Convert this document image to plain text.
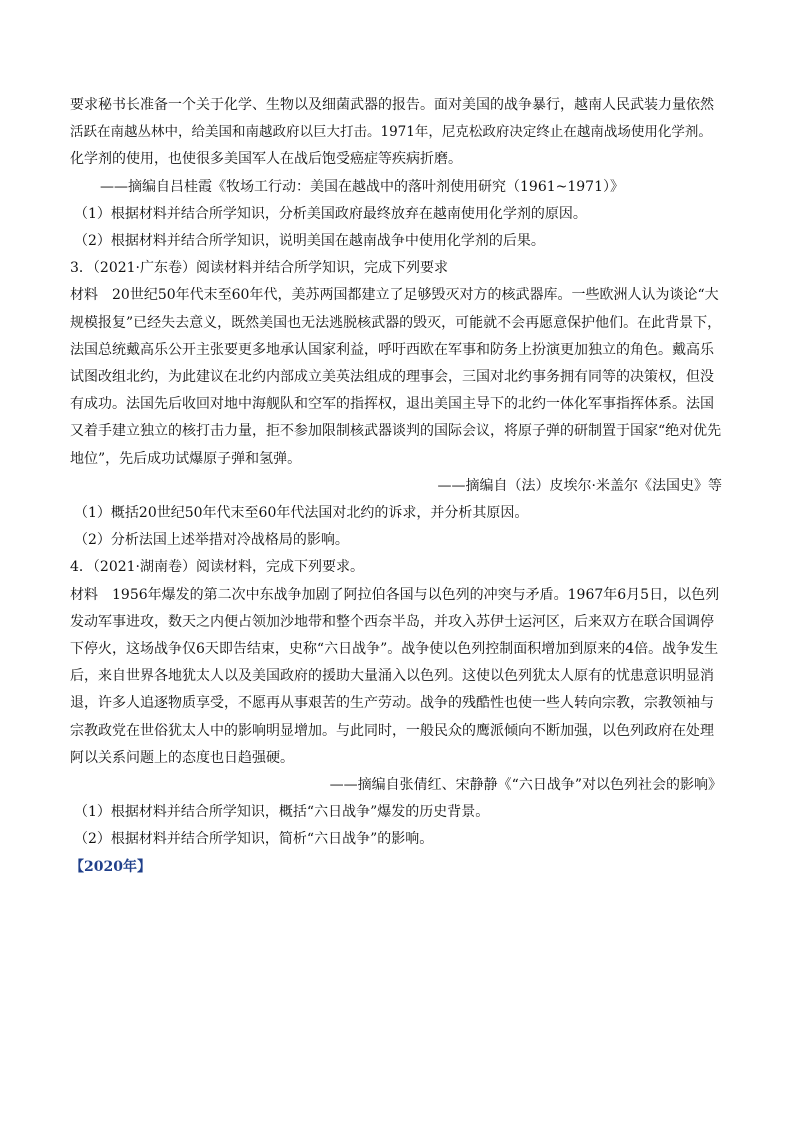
要求秘书长准备一个关于化学、生物以及细菌武器的报告。面对美国的战争暴行，越南人民武装力量依然
活跃在南越丛林中，给美国和南越政府以巨大打击。1971年，尼克松政府决定终止在越南战场使用化学剂。
化学剂的使用，也使很多美国军人在战后饱受癌症等疾病折磨。
——摘编自吕桂霞《牧场工行动：美国在越战中的落叶剂使用研究（1961~1971）》
（1）根据材料并结合所学知识，分析美国政府最终放弃在越南使用化学剂的原因。
（2）根据材料并结合所学知识，说明美国在越南战争中使用化学剂的后果。
3．（2021·广东卷）阅读材料并结合所学知识，完成下列要求
材料　20世纪50年代末至60年代，美苏两国都建立了足够毁灭对方的核武器库。一些欧洲人认为谈论“大
规模报复”已经失去意义，既然美国也无法逃脱核武器的毁灭，可能就不会再愿意保护他们。在此背景下，
法国总统戴高乐公开主张要更多地承认国家利益，呼吁西欧在军事和防务上扮演更加独立的角色。戴高乐
试图改组北约，为此建议在北约内部成立美英法组成的理事会，三国对北约事务拥有同等的决策权，但没
有成功。法国先后收回对地中海舰队和空军的指挥权，退出美国主导下的北约一体化军事指挥体系。法国
又着手建立独立的核打击力量，拒不参加限制核武器谈判的国际会议，将原子弹的研制置于国家“绝对优先
地位”，先后成功试爆原子弹和氢弹。
——摘编自（法）皮埃尔·米盖尔《法国史》等
（1）概括20世纪50年代末至60年代法国对北约的诉求，并分析其原因。
（2）分析法国上述举措对冷战格局的影响。
4．（2021·湖南卷）阅读材料，完成下列要求。
材料　1956年爆发的第二次中东战争加剧了阿拉伯各国与以色列的冲突与矛盾。1967年6月5日，以色列
发动军事进攻，数天之内便占领加沙地带和整个西奈半岛，并攻入苏伊士运河区，后来双方在联合国调停
下停火，这场战争仅6天即告结束，史称“六日战争”。战争使以色列控制面积增加到原来的4倍。战争发生
后，来自世界各地犹太人以及美国政府的援助大量涌入以色列。这使以色列犹太人原有的忧患意识明显消
退，许多人追逐物质享受，不愿再从事艰苦的生产劳动。战争的残酷性也使一些人转向宗教，宗教领袖与
宗教政党在世俗犹太人中的影响明显增加。与此同时，一般民众的鹰派倾向不断加强，以色列政府在处理
阿以关系问题上的态度也日趋强硬。
——摘编自张倩红、宋静静《“六日战争”对以色列社会的影响》
（1）根据材料并结合所学知识，概括“六日战争”爆发的历史背景。
（2）根据材料并结合所学知识，简析“六日战争”的影响。
【2020年】
